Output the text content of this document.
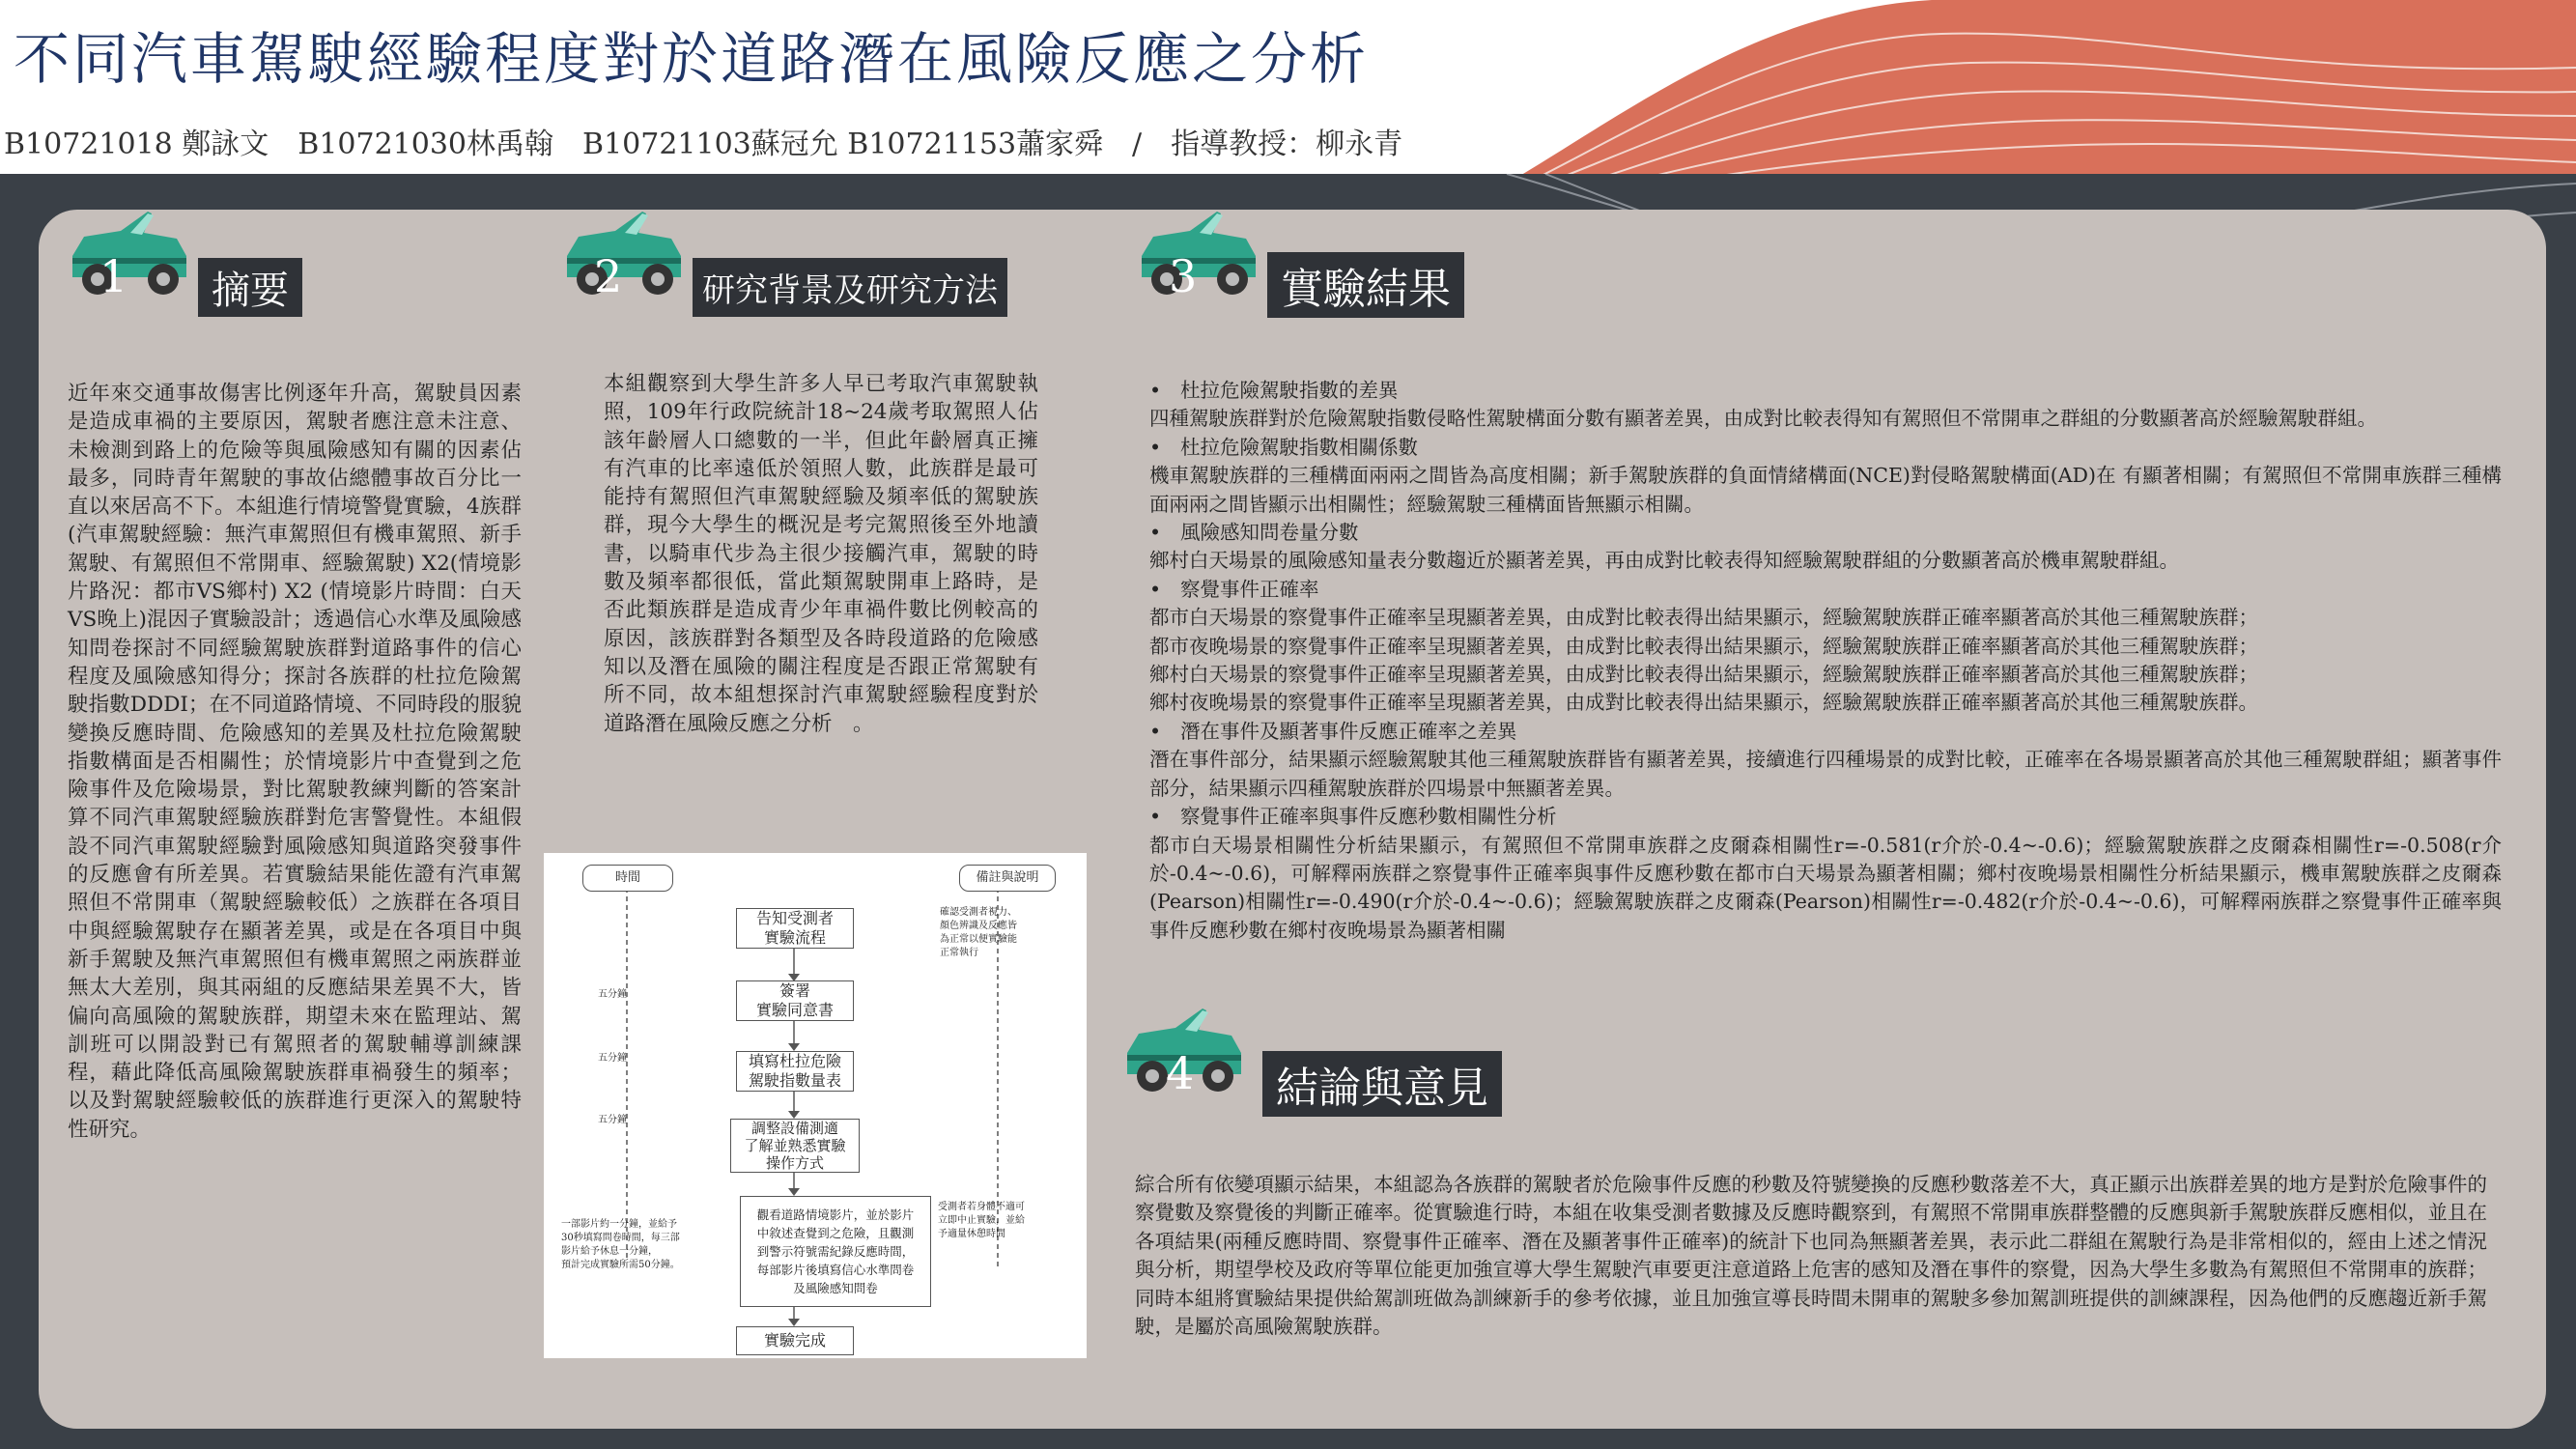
不同汽車駕駛經驗程度對於道路潛在風險反應之分析
B10721018 鄭詠文　B10721030林禹翰　B10721103蘇冠允 B10721153蕭家舜　/　指導教授：柳永青
1	摘要	2 研究背景及研究方法	3	實驗結果
4	結論與意見
近年來交通事故傷害比例逐年升高，駕駛員因素是造成車禍的主要原因，駕駛者應注意未注意、未檢測到路上的危險等與風險感知有關的因素佔最多，同時青年駕駛的事故佔總體事故百分比一直以來居高不下。本組進行情境警覺實驗，4族群(汽車駕駛經驗：無汽車駕照但有機車駕照、新手駕駛、有駕照但不常開車、經驗駕駛) X2(情境影片路況：都市VS鄉村) X2 (情境影片時間：白天VS晚上)混因子實驗設計；透過信心水準及風險感知問卷探討不同經驗駕駛族群對道路事件的信心程度及風險感知得分；探討各族群的杜拉危險駕駛指數DDDI；在不同道路情境、不同時段的服貌變換反應時間、危險感知的差異及杜拉危險駕駛指數構面是否相關性；於情境影片中查覺到之危險事件及危險場景，對比駕駛教練判斷的答案計算不同汽車駕駛經驗族群對危害警覺性。本組假設不同汽車駕駛經驗對風險感知與道路突發事件的反應會有所差異。若實驗結果能佐證有汽車駕照但不常開車（駕駛經驗較低）之族群在各項目中與經驗駕駛存在顯著差異，或是在各項目中與新手駕駛及無汽車駕照但有機車駕照之兩族群並無太大差別，與其兩組的反應結果差異不大，皆偏向高風險的駕駛族群，期望未來在監理站、駕訓班可以開設對已有駕照者的駕駛輔導訓練課程，藉此降低高風險駕駛族群車禍發生的頻率；以及對駕駛經驗較低的族群進行更深入的駕駛特性研究。
本組觀察到大學生許多人早已考取汽車駕駛執照，109年行政院統計18~24歲考取駕照人佔該年齡層人口總數的一半，但此年齡層真正擁有汽車的比率遠低於領照人數，此族群是最可能持有駕照但汽車駕駛經驗及頻率低的駕駛族群，現今大學生的概況是考完駕照後至外地讀書，以騎車代步為主很少接觸汽車，駕駛的時數及頻率都很低，當此類駕駛開車上路時，是否此類族群是造成青少年車禍件數比例較高的原因，該族群對各類型及各時段道路的危險感知以及潛在風險的關注程度是否跟正常駕駛有所不同，故本組想探討汽車駕駛經驗程度對於道路潛在風險反應之分析　。
時間	備註與說明
告知受測者
實驗流程
簽署
實驗同意書
填寫杜拉危險
駕駛指數量表
調整設備測適
了解並熟悉實驗
操作方式
觀看道路情境影片，並於影片
中敘述查覺到之危險，且觀測
到警示符號需紀錄反應時間，
每部影片後填寫信心水準問卷
及風險感知問卷
實驗完成
五分鐘
五分鐘
五分鐘
一部影片約一分鐘，並給予
30秒填寫問卷時間，每三部
影片給予休息一分鐘，
預計完成實驗所需50分鐘。
確認受測者視力、
顏色辨識及反應皆
為正常以便實驗能
正常執行
受測者若身體不適可
立即中止實驗，並給
予適量休憩時間
• 杜拉危險駕駛指數的差異

四種駕駛族群對於危險駕駛指數侵略性駕駛構面分數有顯著差異，由成對比較表得知有駕照但不常開車之群組的分數顯著高於經驗駕駛群組。

• 杜拉危險駕駛指數相關係數

機車駕駛族群的三種構面兩兩之間皆為高度相關；新手駕駛族群的負面情緒構面(NCE)對侵略駕駛構面(AD)在 有顯著相關；有駕照但不常開車族群三種構面兩兩之間皆顯示出相關性；經驗駕駛三種構面皆無顯示相關。

• 風險感知問卷量分數

鄉村白天場景的風險感知量表分數趨近於顯著差異，再由成對比較表得知經驗駕駛群組的分數顯著高於機車駕駛群組。

• 察覺事件正確率

都市白天場景的察覺事件正確率呈現顯著差異，由成對比較表得出結果顯示，經驗駕駛族群正確率顯著高於其他三種駕駛族群；

都市夜晚場景的察覺事件正確率呈現顯著差異，由成對比較表得出結果顯示，經驗駕駛族群正確率顯著高於其他三種駕駛族群；

鄉村白天場景的察覺事件正確率呈現顯著差異，由成對比較表得出結果顯示，經驗駕駛族群正確率顯著高於其他三種駕駛族群；

鄉村夜晚場景的察覺事件正確率呈現顯著差異，由成對比較表得出結果顯示，經驗駕駛族群正確率顯著高於其他三種駕駛族群。

• 潛在事件及顯著事件反應正確率之差異

潛在事件部分，結果顯示經驗駕駛其他三種駕駛族群皆有顯著差異，接續進行四種場景的成對比較，正確率在各場景顯著高於其他三種駕駛群組；顯著事件部分，結果顯示四種駕駛族群於四場景中無顯著差異。

• 察覺事件正確率與事件反應秒數相關性分析

都市白天場景相關性分析結果顯示，有駕照但不常開車族群之皮爾森相關性r=-0.581(r介於-0.4~-0.6)；經驗駕駛族群之皮爾森相關性r=-0.508(r介於-0.4~-0.6)，可解釋兩族群之察覺事件正確率與事件反應秒數在都市白天場景為顯著相關；鄉村夜晚場景相關性分析結果顯示，機車駕駛族群之皮爾森(Pearson)相關性r=-0.490(r介於-0.4~-0.6)；經驗駕駛族群之皮爾森(Pearson)相關性r=-0.482(r介於-0.4~-0.6)，可解釋兩族群之察覺事件正確率與事件反應秒數在鄉村夜晚場景為顯著相關

綜合所有依變項顯示結果，本組認為各族群的駕駛者於危險事件反應的秒數及符號變換的反應秒數落差不大，真正顯示出族群差異的地方是對於危險事件的察覺數及察覺後的判斷正確率。從實驗進行時，本組在收集受測者數據及反應時觀察到，有駕照不常開車族群整體的反應與新手駕駛族群反應相似，並且在各項結果(兩種反應時間、察覺事件正確率、潛在及顯著事件正確率)的統計下也同為無顯著差異，表示此二群組在駕駛行為是非常相似的，經由上述之情況與分析，期望學校及政府等單位能更加強宣導大學生駕駛汽車要更注意道路上危害的感知及潛在事件的察覺，因為大學生多數為有駕照但不常開車的族群；同時本組將實驗結果提供給駕訓班做為訓練新手的參考依據，並且加強宣導長時間未開車的駕駛多參加駕訓班提供的訓練課程，因為他們的反應趨近新手駕駛，是屬於高風險駕駛族群。
